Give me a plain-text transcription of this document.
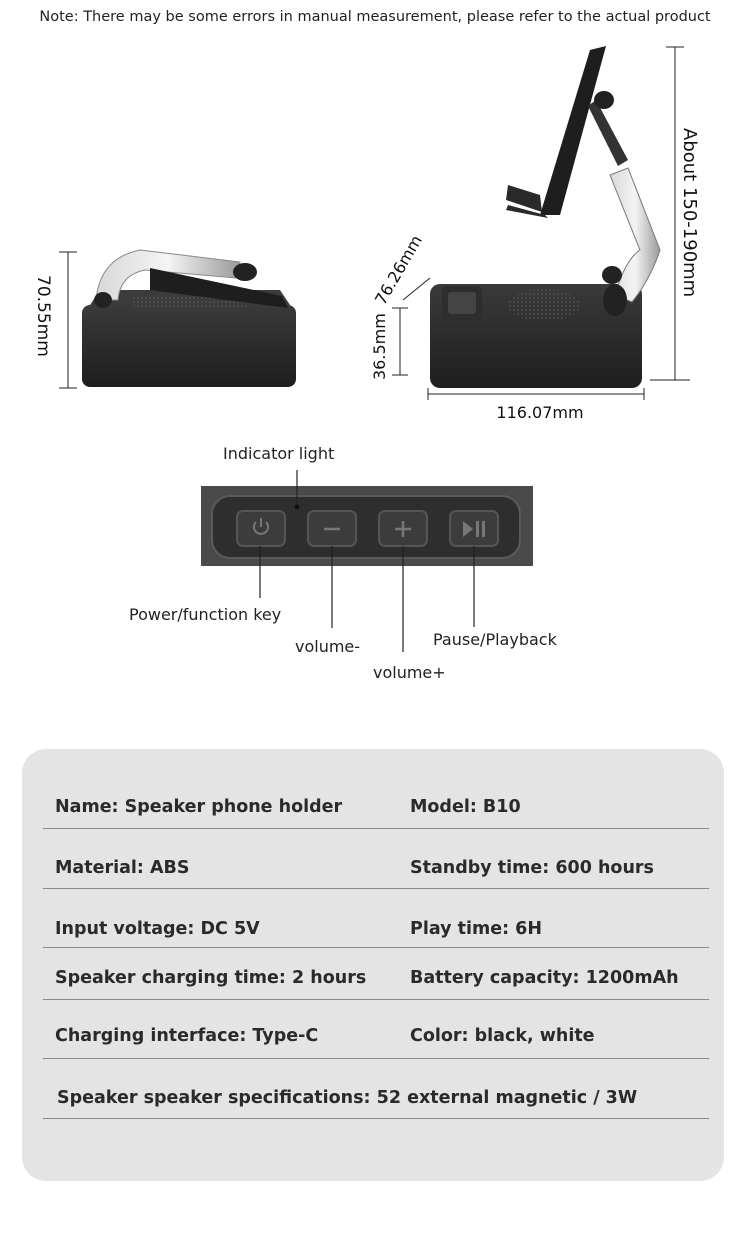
Note: There may be some errors in manual measurement, please refer to the actual product
70.55mm
About 150-190mm
36.5mm
76.26mm
116.07mm
Indicator light
Power/function key
volume-	Pause/Playback
volume+
Name: Speaker phone holder	Model: B10
Material: ABS	Standby time: 600 hours
Input voltage: DC 5V	Play time: 6H
Speaker charging time: 2 hours Battery capacity: 1200mAh
Charging interface: Type-C	Color: black, white
Speaker speaker specifications: 52 external magnetic / 3W
